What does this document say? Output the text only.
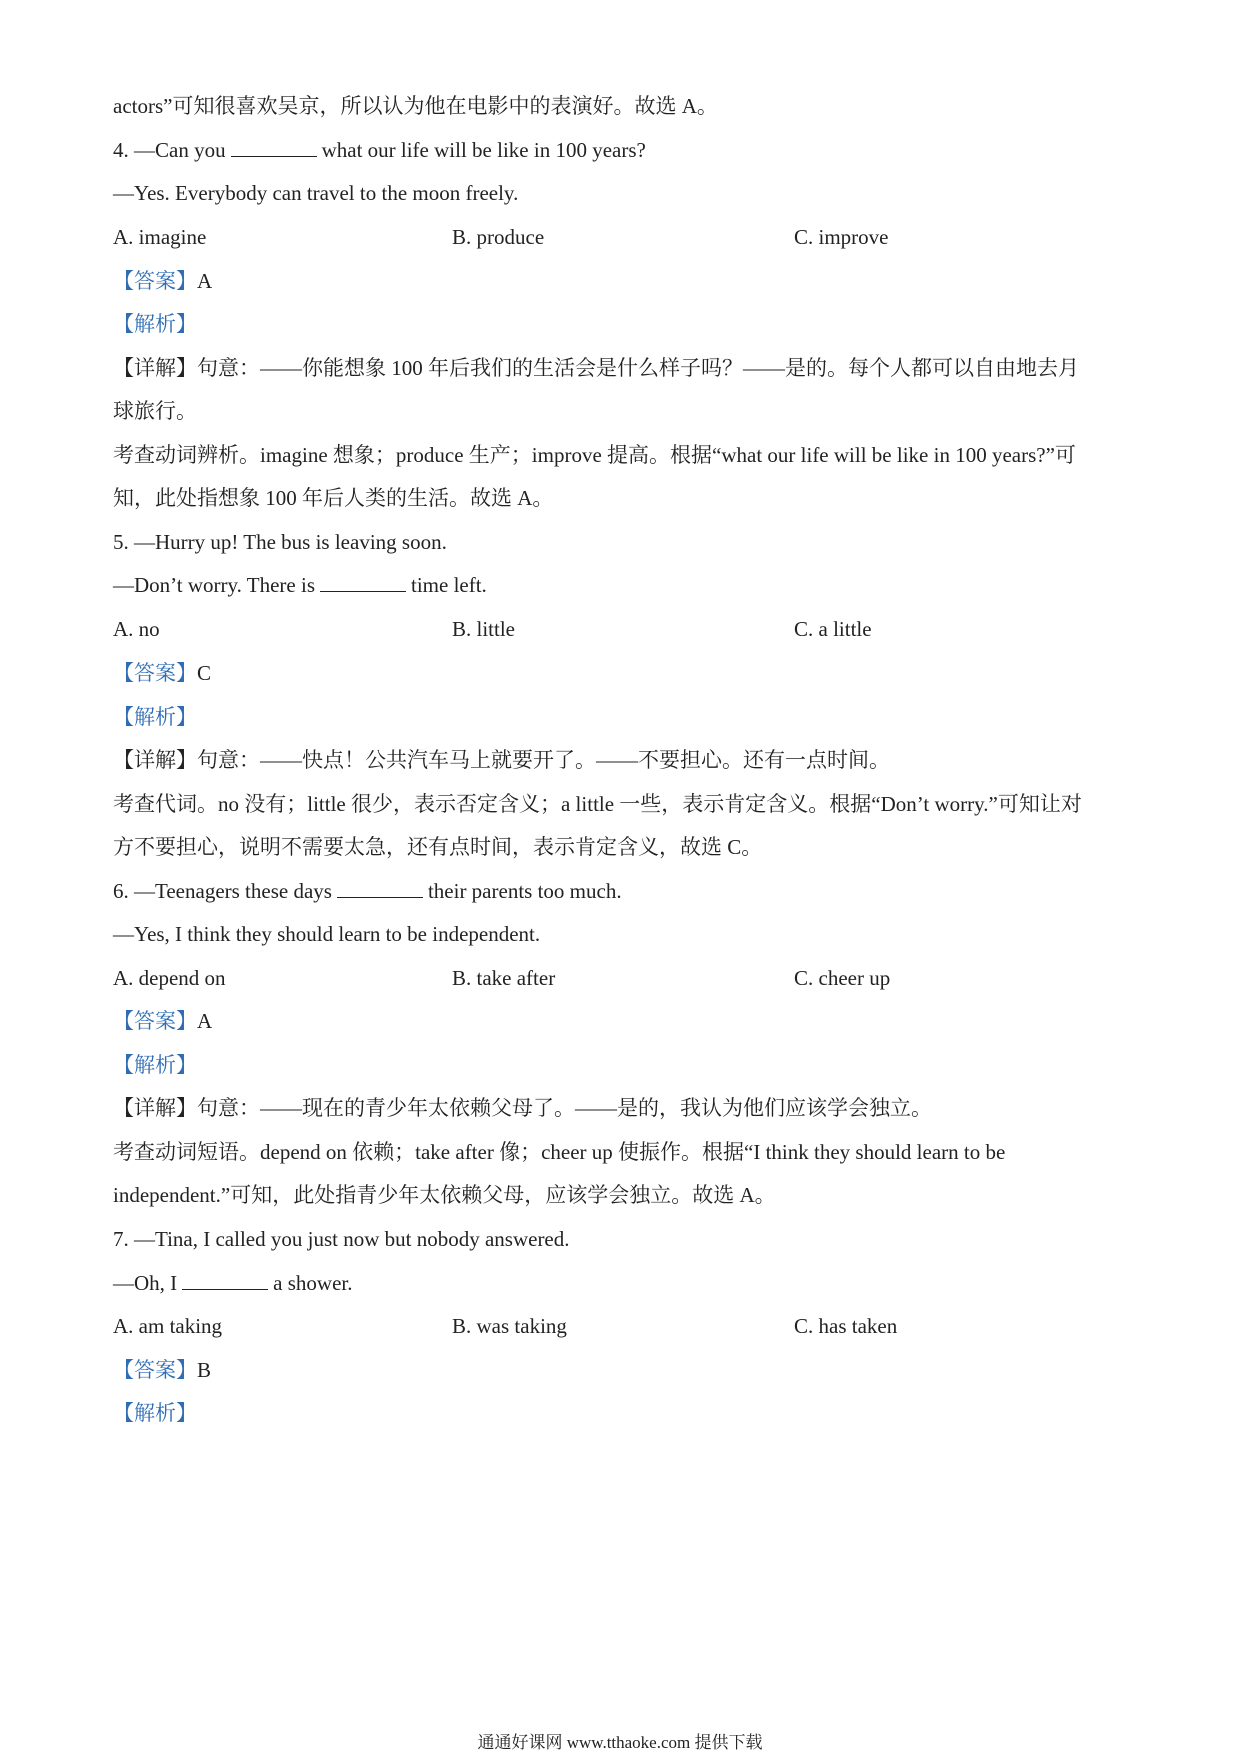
actors”可知很喜欢吴京，所以认为他在电影中的表演好。故选 A。
4. —Can you	what our life will be like in 100 years?
—Yes. Everybody can travel to the moon freely.
A. imagine	B. produce	C. improve
【答案】A
【解析】
【详解】句意：——你能想象 100 年后我们的生活会是什么样子吗？——是的。每个人都可以自由地去月
球旅行。
考查动词辨析。imagine 想象；produce 生产；improve 提高。根据“what our life will be like in 100 years?”可
知，此处指想象 100 年后人类的生活。故选 A。
5. —Hurry up! The bus is leaving soon.
—Don’t worry. There is	time left.
A. no	B. little	C. a little
【答案】C
【解析】
【详解】句意：——快点！公共汽车马上就要开了。——不要担心。还有一点时间。
考查代词。no 没有；little 很少，表示否定含义；a little 一些，表示肯定含义。根据“Don’t worry.”可知让对
方不要担心，说明不需要太急，还有点时间，表示肯定含义，故选 C。
6. —Teenagers these days	their parents too much.
—Yes, I think they should learn to be independent.
A. depend on	B. take after	C. cheer up
【答案】A
【解析】
【详解】句意：——现在的青少年太依赖父母了。——是的，我认为他们应该学会独立。
考查动词短语。depend on 依赖；take after 像；cheer up 使振作。根据“I think they should learn to be
independent.”可知，此处指青少年太依赖父母，应该学会独立。故选 A。
7. —Tina, I called you just now but nobody answered.
—Oh, I	a shower.
A. am taking	B. was taking	C. has taken
【答案】B
【解析】
通通好课网 www.tthaoke.com 提供下载
